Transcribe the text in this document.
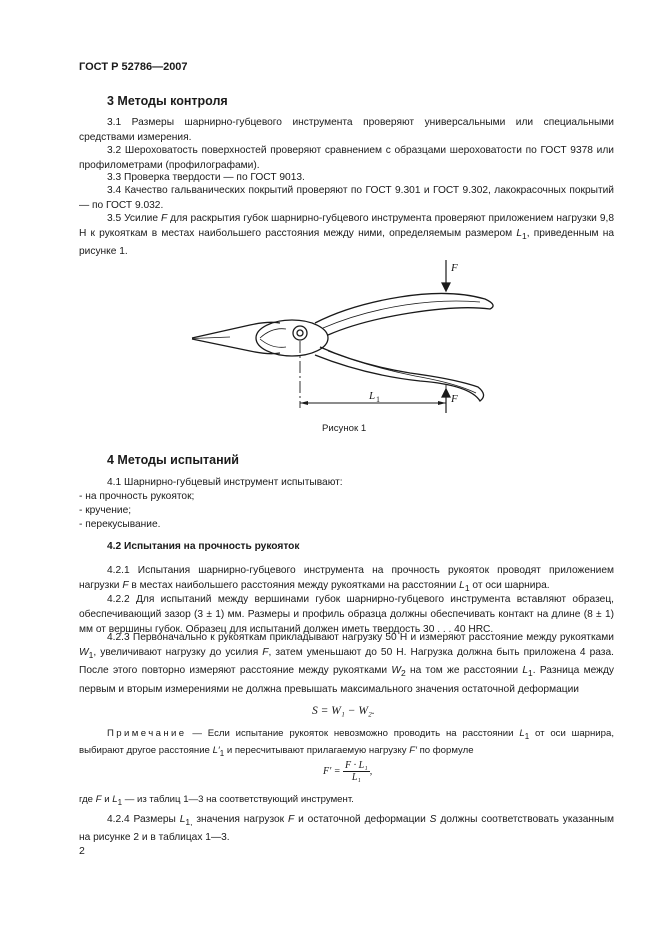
ГОСТ Р 52786—2007
3 Методы контроля
3.1 Размеры шарнирно-губцевого инструмента проверяют универсальными или специальными средствами измерения.
3.2 Шероховатость поверхностей проверяют сравнением с образцами шероховатости по ГОСТ 9378 или профилометрами (профилографами).
3.3 Проверка твердости — по ГОСТ 9013.
3.4 Качество гальванических покрытий проверяют по ГОСТ 9.301 и ГОСТ 9.302, лакокрасочных покрытий — по ГОСТ 9.032.
3.5 Усилие F для раскрытия губок шарнирно-губцевого инструмента проверяют приложением нагрузки 9,8 Н к рукояткам в местах наибольшего расстояния между ними, определяемым размером $L_1$, приведенным на рисунке 1.
F
F
L 1
Рисунок 1
4 Методы испытаний
4.1 Шарнирно-губцевый инструмент испытывают:
- на прочность рукояток;
- кручение;
- перекусывание.
4.2 Испытания на прочность рукояток
4.2.1 Испытания шарнирно-губцевого инструмента на прочность рукояток проводят приложением нагрузки F в местах наибольшего расстояния между рукоятками на расстоянии $L_1$ от оси шарнира.
4.2.2 Для испытаний между вершинами губок шарнирно-губцевого инструмента вставляют образец, обеспечивающий зазор (3 ± 1) мм. Размеры и профиль образца должны обеспечивать контакт на длине (8 ± 1) мм от вершины губок. Образец для испытаний должен иметь твердость 30 . . . 40 HRC.
4.2.3 Первоначально к рукояткам прикладывают нагрузку 50 Н и измеряют расстояние между рукоятками $W_1$, увеличивают нагрузку до усилия F, затем уменьшают до 50 Н. Нагрузка должна быть приложена 4 раза. После этого повторно измеряют расстояние между рукоятками $W_2$ на том же расстоянии $L_1$. Разница между первым и вторым измерениями не должна превышать максимального значения остаточной деформации
S = W₁ − W₂.
Примечание — Если испытание рукояток невозможно проводить на расстоянии $L_1$ от оси шарнира, выбирают другое расстояние $L'_1$ и пересчитывают прилагаемую нагрузку F′ по формуле
$F' = \frac{\text{F · L₁}}{\text{L₁}}$ ,
где F и $L_1$ — из таблиц 1—3 на соответствующий инструмент.
4.2.4 Размеры $L_{1,}$ значения нагрузок F и остаточной деформации S должны соответствовать указанным на рисунке 2 и в таблицах 1—3.
2
